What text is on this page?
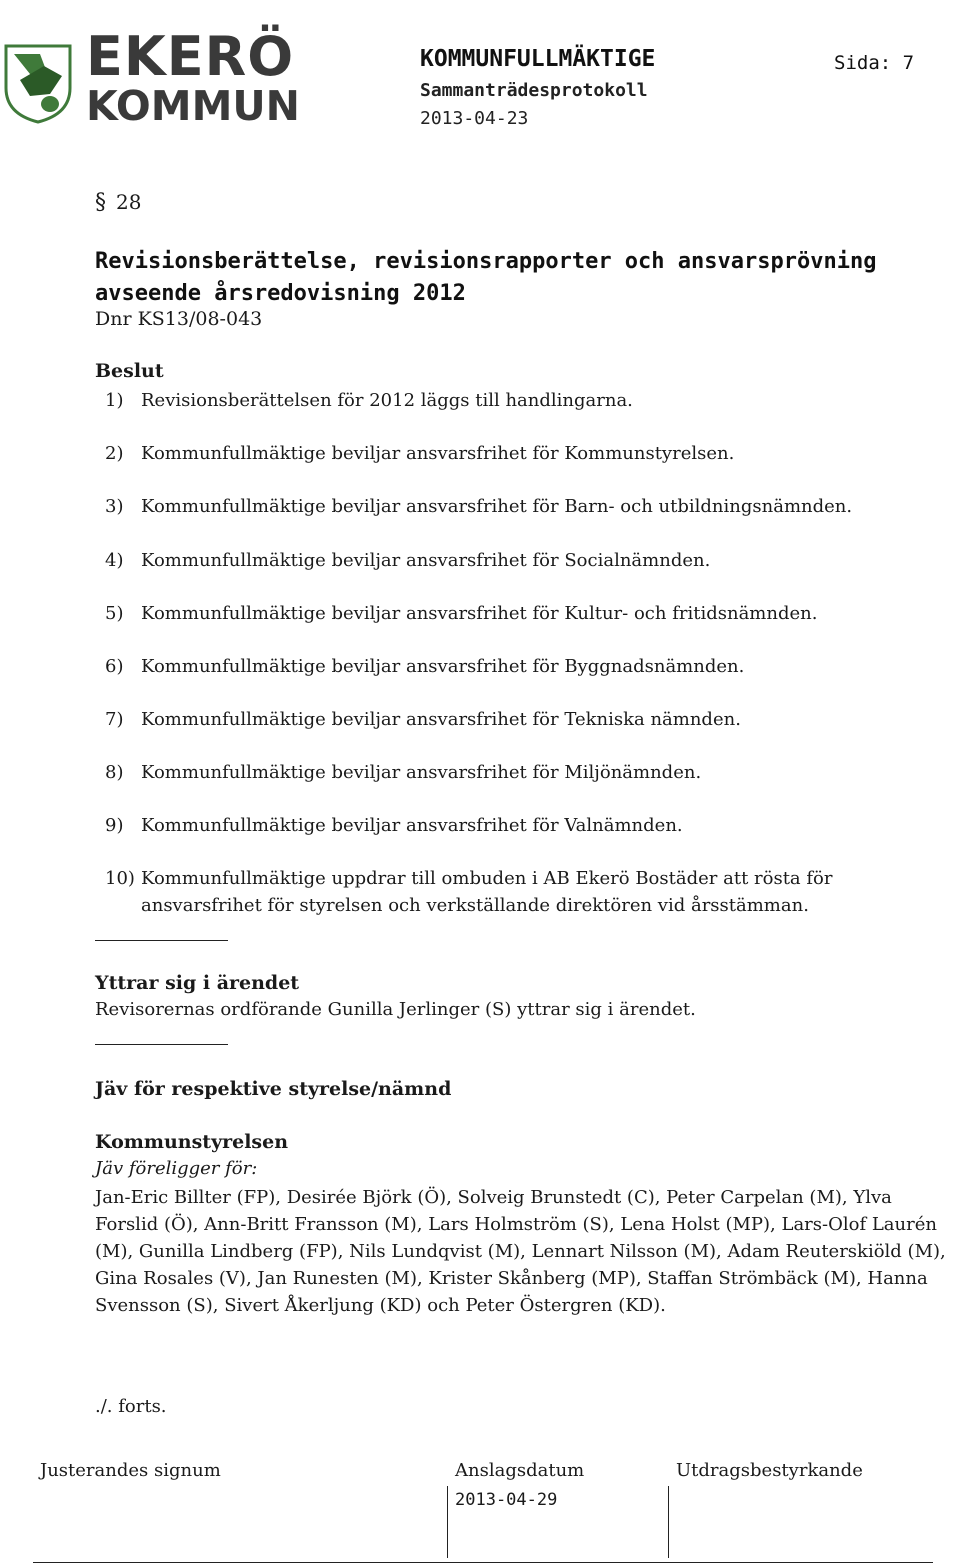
EKERÖ
KOMMUN
KOMMUNFULLMÄKTIGE	Sida: 7
Sammanträdesprotokoll
2013-04-23
§ 28
Revisionsberättelse, revisionsrapporter och ansvarsprövning avseende årsredovisning 2012
Dnr KS13/08-043
Beslut
1) Revisionsberättelsen för 2012 läggs till handlingarna.
2) Kommunfullmäktige beviljar ansvarsfrihet för Kommunstyrelsen.
3) Kommunfullmäktige beviljar ansvarsfrihet för Barn- och utbildningsnämnden.
4) Kommunfullmäktige beviljar ansvarsfrihet för Socialnämnden.
5) Kommunfullmäktige beviljar ansvarsfrihet för Kultur- och fritidsnämnden.
6) Kommunfullmäktige beviljar ansvarsfrihet för Byggnadsnämnden.
7) Kommunfullmäktige beviljar ansvarsfrihet för Tekniska nämnden.
8) Kommunfullmäktige beviljar ansvarsfrihet för Miljönämnden.
9) Kommunfullmäktige beviljar ansvarsfrihet för Valnämnden.
10) Kommunfullmäktige uppdrar till ombuden i AB Ekerö Bostäder att rösta för ansvarsfrihet för styrelsen och verkställande direktören vid årsstämman.
Yttrar sig i ärendet
Revisorernas ordförande Gunilla Jerlinger (S) yttrar sig i ärendet.
Jäv för respektive styrelse/nämnd
Kommunstyrelsen
Jäv föreligger för:
Jan-Eric Billter (FP), Desirée Björk (Ö), Solveig Brunstedt (C), Peter Carpelan (M), Ylva Forslid (Ö), Ann-Britt Fransson (M), Lars Holmström (S), Lena Holst (MP), Lars-Olof Laurén (M), Gunilla Lindberg (FP), Nils Lundqvist (M), Lennart Nilsson (M), Adam Reuterskiöld (M), Gina Rosales (V), Jan Runesten (M), Krister Skånberg (MP), Staffan Strömbäck (M), Hanna Svensson (S), Sivert Åkerljung (KD) och Peter Östergren (KD).
./. forts.
Justerandes signum	Anslagsdatum	Utdragsbestyrkande
2013-04-29
